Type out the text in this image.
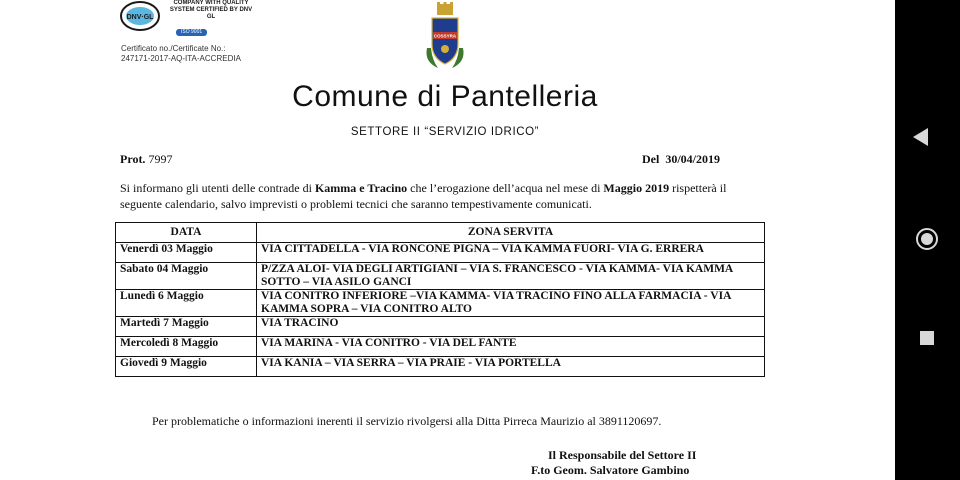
DNV·GL
COMPANY WITH QUALITY SYSTEM CERTIFIED BY DNV GL
ISO 9001
Certificato no./Certificate No.:
247171-2017-AQ-ITA-ACCREDIA
COSSYRA
Comune di Pantelleria
SETTORE II “SERVIZIO IDRICO”
Prot. 7997	Del 30/04/2019
Si informano gli utenti delle contrade di Kamma e Tracino che l’erogazione dell’acqua nel mese di Maggio 2019 rispetterà il seguente calendario, salvo imprevisti o problemi tecnici che saranno tempestivamente comunicati.
DATA	ZONA SERVITA
Venerdì 03 Maggio	VIA CITTADELLA - VIA RONCONE PIGNA – VIA KAMMA FUORI- VIA G. ERRERA
Sabato 04 Maggio	P/ZZA ALOI- VIA DEGLI ARTIGIANI – VIA S. FRANCESCO - VIA KAMMA- VIA KAMMA SOTTO – VIA ASILO GANCI
Lunedì 6 Maggio	VIA CONITRO INFERIORE –VIA KAMMA- VIA TRACINO FINO ALLA FARMACIA - VIA KAMMA SOPRA – VIA CONITRO ALTO
Martedì 7 Maggio	VIA TRACINO
Mercoledì 8 Maggio	VIA MARINA - VIA CONITRO - VIA DEL FANTE
Giovedì 9 Maggio	VIA KANIA – VIA SERRA – VIA PRAIE - VIA PORTELLA
Per problematiche o informazioni inerenti il servizio rivolgersi alla Ditta Pirreca Maurizio al 3891120697.
Il Responsabile del Settore II
F.to Geom. Salvatore Gambino
